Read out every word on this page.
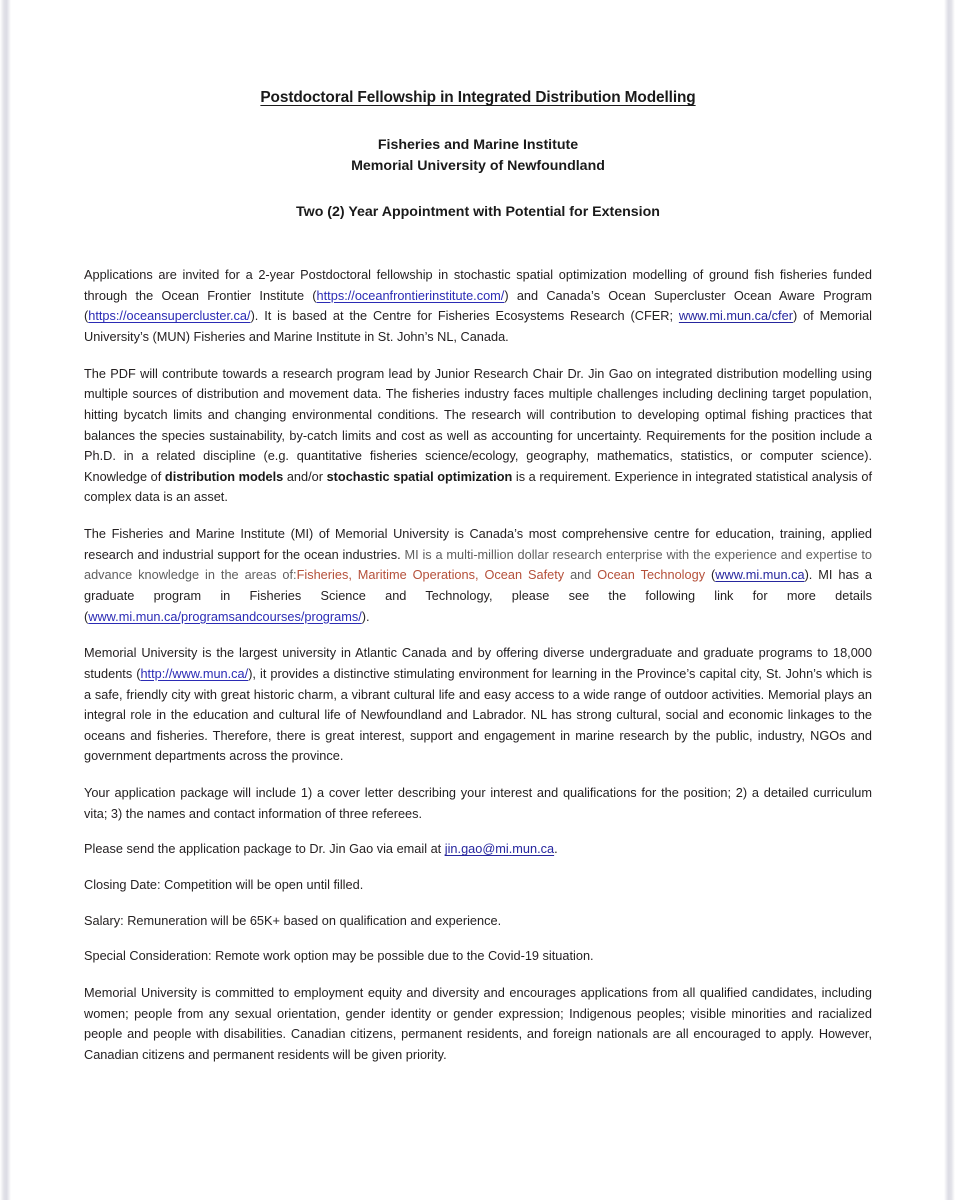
Postdoctoral Fellowship in Integrated Distribution Modelling
Fisheries and Marine Institute
Memorial University of Newfoundland
Two (2) Year Appointment with Potential for Extension

Applications are invited for a 2-year Postdoctoral fellowship in stochastic spatial optimization modelling of ground fish fisheries funded through the Ocean Frontier Institute (https://oceanfrontierinstitute.com/) and Canada’s Ocean Supercluster Ocean Aware Program (https://oceansupercluster.ca/). It is based at the Centre for Fisheries Ecosystems Research (CFER; www.mi.mun.ca/cfer) of Memorial University’s (MUN) Fisheries and Marine Institute in St. John’s NL, Canada.

The PDF will contribute towards a research program lead by Junior Research Chair Dr. Jin Gao on integrated distribution modelling using multiple sources of distribution and movement data. The fisheries industry faces multiple challenges including declining target population, hitting bycatch limits and changing environmental conditions. The research will contribution to developing optimal fishing practices that balances the species sustainability, by-catch limits and cost as well as accounting for uncertainty. Requirements for the position include a Ph.D. in a related discipline (e.g. quantitative fisheries science/ecology, geography, mathematics, statistics, or computer science). Knowledge of distribution models and/or stochastic spatial optimization is a requirement. Experience in integrated statistical analysis of complex data is an asset.

The Fisheries and Marine Institute (MI) of Memorial University is Canada’s most comprehensive centre for education, training, applied research and industrial support for the ocean industries. MI is a multi-million dollar research enterprise with the experience and expertise to advance knowledge in the areas of:Fisheries, Maritime Operations, Ocean Safety and Ocean Technology (www.mi.mun.ca). MI has a graduate program in Fisheries Science and Technology, please see the following link for more details (www.mi.mun.ca/programsandcourses/programs/).

Memorial University is the largest university in Atlantic Canada and by offering diverse undergraduate and graduate programs to 18,000 students (http://www.mun.ca/), it provides a distinctive stimulating environment for learning in the Province’s capital city, St. John’s which is a safe, friendly city with great historic charm, a vibrant cultural life and easy access to a wide range of outdoor activities. Memorial plays an integral role in the education and cultural life of Newfoundland and Labrador. NL has strong cultural, social and economic linkages to the oceans and fisheries. Therefore, there is great interest, support and engagement in marine research by the public, industry, NGOs and government departments across the province.

Your application package will include 1) a cover letter describing your interest and qualifications for the position; 2) a detailed curriculum vita; 3) the names and contact information of three referees.

Please send the application package to Dr. Jin Gao via email at jin.gao@mi.mun.ca.

Closing Date: Competition will be open until filled.

Salary: Remuneration will be 65K+ based on qualification and experience.

Special Consideration: Remote work option may be possible due to the Covid-19 situation.

Memorial University is committed to employment equity and diversity and encourages applications from all qualified candidates, including women; people from any sexual orientation, gender identity or gender expression; Indigenous peoples; visible minorities and racialized people and people with disabilities. Canadian citizens, permanent residents, and foreign nationals are all encouraged to apply. However, Canadian citizens and permanent residents will be given priority.
